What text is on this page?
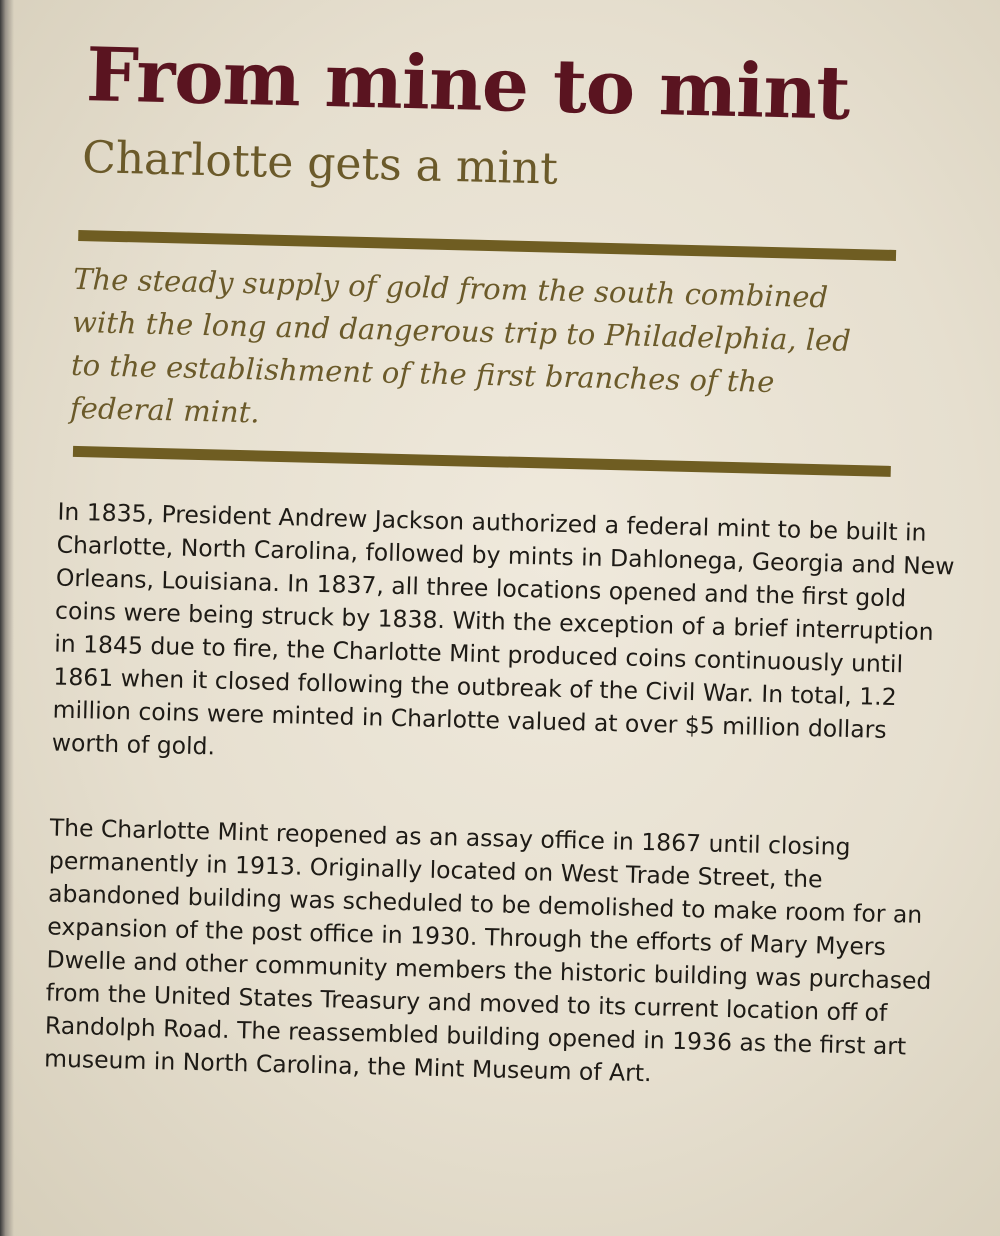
From mine to mint
Charlotte gets a mint

The steady supply of gold from the south combined with the long and dangerous trip to Philadelphia, led to the establishment of the first branches of the federal mint.

In 1835, President Andrew Jackson authorized a federal mint to be built in Charlotte, North Carolina, followed by mints in Dahlonega, Georgia and New Orleans, Louisiana. In 1837, all three locations opened and the first gold coins were being struck by 1838. With the exception of a brief interruption in 1845 due to fire, the Charlotte Mint produced coins continuously until 1861 when it closed following the outbreak of the Civil War. In total, 1.2 million coins were minted in Charlotte valued at over $5 million dollars worth of gold.

The Charlotte Mint reopened as an assay office in 1867 until closing permanently in 1913. Originally located on West Trade Street, the abandoned building was scheduled to be demolished to make room for an expansion of the post office in 1930. Through the efforts of Mary Myers Dwelle and other community members the historic building was purchased from the United States Treasury and moved to its current location off of Randolph Road. The reassembled building opened in 1936 as the first art museum in North Carolina, the Mint Museum of Art.
